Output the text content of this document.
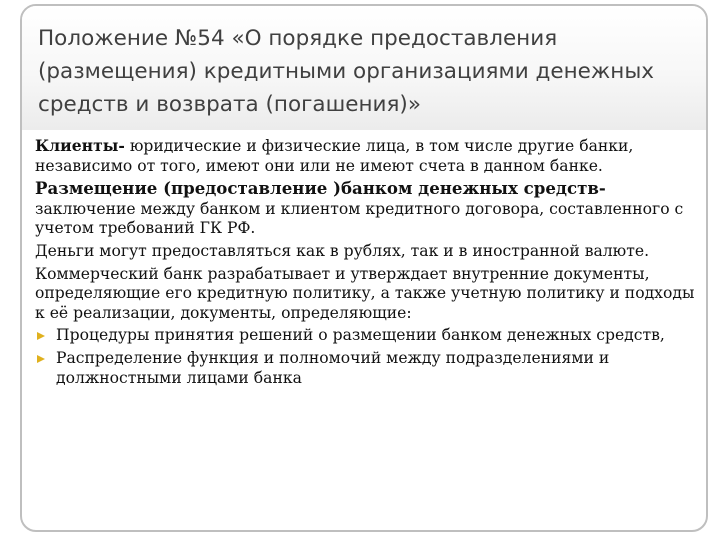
Положение №54 «О порядке предоставления (размещения) кредитными организациями денежных средств и возврата (погашения)»

Клиенты- юридические и физические лица, в том числе другие банки, независимо от того, имеют они или не имеют счета в данном банке.

Размещение (предоставление )банком денежных средств- заключение между банком и клиентом кредитного договора, составленного с учетом требований ГК РФ.

Деньги могут предоставляться как в рублях, так и в иностранной валюте.

Коммерческий банк разрабатывает и утверждает внутренние документы, определяющие его кредитную политику, а также учетную политику и подходы к её реализации, документы, определяющие:

Процедуры принятия решений о размещении банком денежных средств,
Распределение функция и полномочий между подразделениями и должностными лицами банка
